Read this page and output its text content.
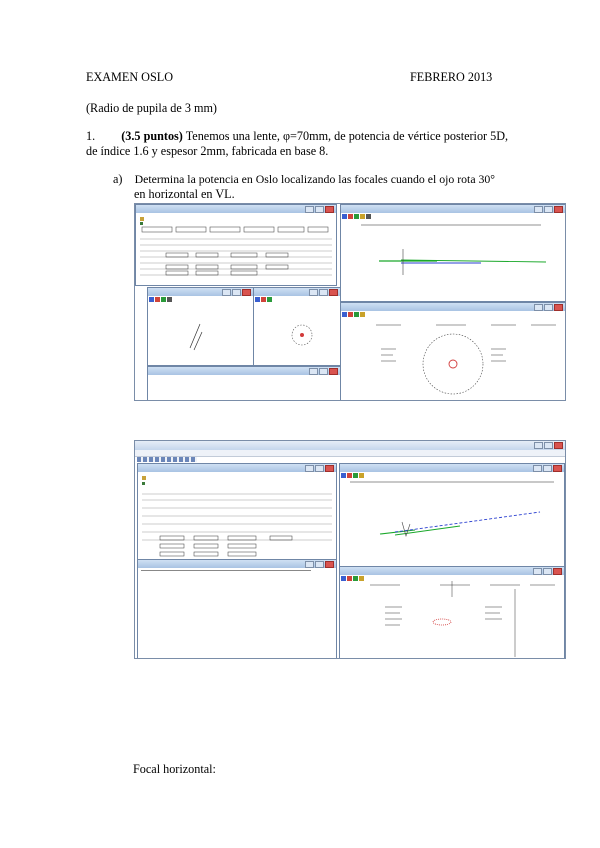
EXAMEN OSLO	FEBRERO 2013
(Radio de pupila de 3 mm)
1. (3.5 puntos) Tenemos una lente, φ=70mm, de potencia de vértice posterior 5D,
de índice 1.6 y espesor 2mm, fabricada en base 8.
a) Determina la potencia en Oslo localizando las focales cuando el ojo rota 30°
en horizontal en VL.
Focal horizontal:
